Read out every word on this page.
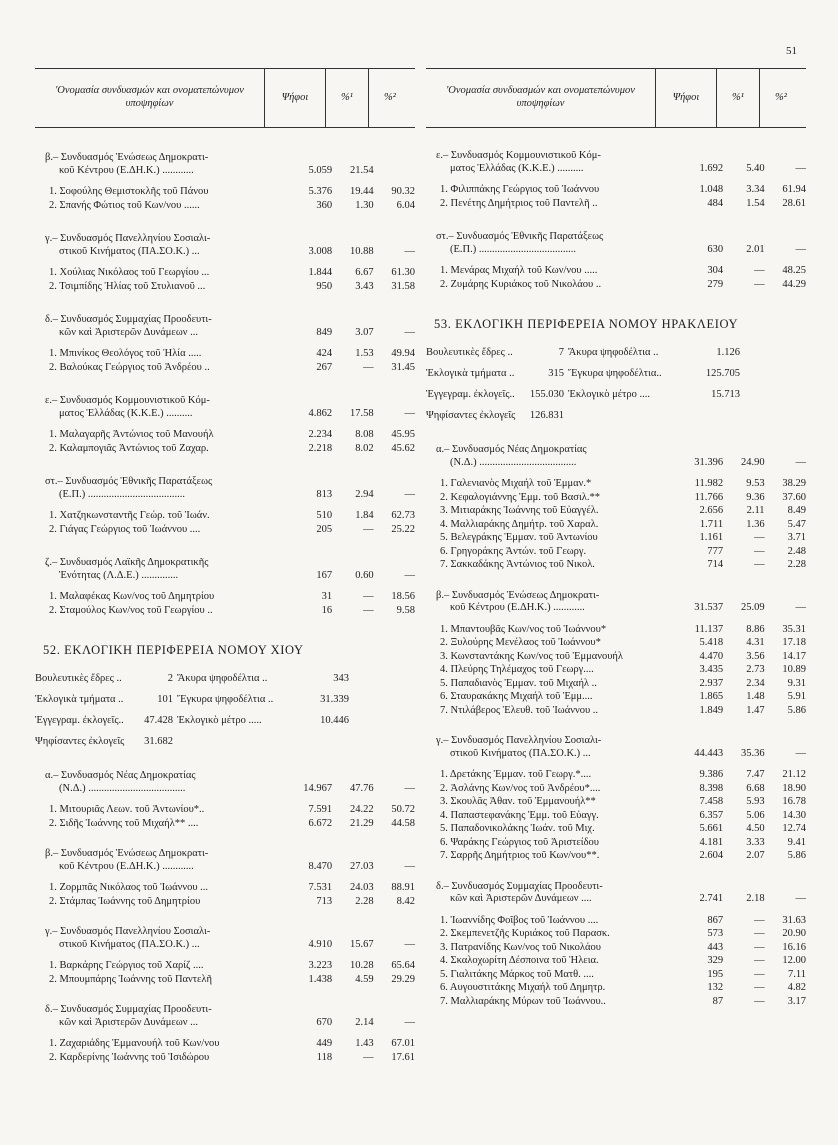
51
'Ονομασία συνδυασμών και ονοματεπώνυμον υποψηφίων
Ψήφοι	%¹	%²
β.– Συνδυασμός Ἑνώσεως Δημοκρατι-
κοῦ Κέντρου (Ε.ΔΗ.Κ.) ............	5.059	21.54
1. Σοφούλης Θεμιστοκλῆς τοῦ Πάνου	5.376	19.44	90.32
2. Σπανής Φώτιος τοῦ Κων/νου ......	360	1.30	6.04
γ.– Συνδυασμός Πανελληνίου Σοσιαλι-
στικοῦ Κινήματος (ΠΑ.ΣΟ.Κ.) ...	3.008	10.88	—
1. Χούλιας Νικόλαος τοῦ Γεωργίου ...	1.844	6.67	61.30
2. Τσιμπίδης Ἠλίας τοῦ Στυλιανοῦ ...	950	3.43	31.58
δ.– Συνδυασμός Συμμαχίας Προοδευτι-
κῶν καὶ Ἀριστερῶν Δυνάμεων ...	849	3.07	—
1. Μπινίκος Θεολόγος τοῦ Ἠλία .....	424	1.53	49.94
2. Βαλούκας Γεώργιος τοῦ Ἀνδρέου ..	267	—	31.45
ε.– Συνδυασμός Κομμουνιστικοῦ Κόμ-
ματος Ἑλλάδας (Κ.Κ.Ε.) ..........	4.862	17.58	—
1. Μαλαγαρῆς Ἀντώνιος τοῦ Μανουήλ	2.234	8.08	45.95
2. Καλαμπογιᾶς Ἀντώνιος τοῦ Ζαχαρ.	2.218	8.02	45.62
στ.– Συνδυασμός Ἐθνικῆς Παρατάξεως
(Ε.Π.) .....................................	813	2.94	—
1. Χατζηκωνσταντῆς Γεώρ. τοῦ Ἰωάν.	510	1.84	62.73
2. Γιάγας Γεώργιος τοῦ Ἰωάννου ....	205	—	25.22
ζ.– Συνδυασμός Λαϊκῆς Δημοκρατικῆς
Ἑνότητας (Λ.Δ.Ε.) ..............	167	0.60	—
1. Μαλαφέκας Κων/νος τοῦ Δημητρίου	31	—	18.56
2. Σταμούλος Κων/νος τοῦ Γεωργίου ..	16	—	9.58
52. ΕΚΛΟΓΙΚΗ ΠΕΡΙΦΕΡΕΙΑ ΝΟΜΟΥ ΧΙΟΥ
Βουλευτικὲς ἕδρες ..	2 Ἄκυρα ψηφοδέλτια ..	343
Ἐκλογικὰ τμήματα ..	101 Ἔγκυρα ψηφοδέλτια ..	31.339
Ἐγγεγραμ. ἐκλογεῖς..	47.428 Ἐκλογικὸ μέτρο .....	10.446
Ψηφίσαντες ἐκλογεῖς	31.682
α.– Συνδυασμός Νέας Δημοκρατίας
(Ν.Δ.) .....................................	14.967	47.76	—
1. Μιτουριᾶς Λεων. τοῦ Ἀντωνίου*..	7.591	24.22	50.72
2. Σιδῆς Ἰωάννης τοῦ Μιχαήλ** ....	6.672	21.29	44.58
β.– Συνδυασμός Ἑνώσεως Δημοκρατι-
κοῦ Κέντρου (Ε.ΔΗ.Κ.) ............	8.470	27.03	—
1. Ζορμπᾶς Νικόλαος τοῦ Ἰωάννου ...	7.531	24.03	88.91
2. Στάμπας Ἰωάννης τοῦ Δημητρίου	713	2.28	8.42
γ.– Συνδυασμός Πανελληνίου Σοσιαλι-
στικοῦ Κινήματος (ΠΑ.ΣΟ.Κ.) ...	4.910	15.67	—
1. Βαρκάρης Γεώργιος τοῦ Χαρίζ ....	3.223	10.28	65.64
2. Μπουμπάρης Ἰωάννης τοῦ Παντελῆ	1.438	4.59	29.29
δ.– Συνδυασμός Συμμαχίας Προοδευτι-
κῶν καὶ Ἀριστερῶν Δυνάμεων ...	670	2.14	—
1. Ζαχαριάδης Ἐμμανουήλ τοῦ Κων/νου	449	1.43	67.01
2. Καρδερίνης Ἰωάννης τοῦ Ἰσιδώρου	118	—	17.61
'Ονομασία συνδυασμών και ονοματεπώνυμον υποψηφίων
Ψήφοι	%¹	%²
ε.– Συνδυασμός Κομμουνιστικοῦ Κόμ-
ματος Ἑλλάδας (Κ.Κ.Ε.) ..........	1.692	5.40	—
1. Φιλιππάκης Γεώργιος τοῦ Ἰωάννου	1.048	3.34	61.94
2. Πενέτης Δημήτριος τοῦ Παντελῆ ..	484	1.54	28.61
στ.– Συνδυασμός Ἐθνικῆς Παρατάξεως
(Ε.Π.) .....................................	630	2.01	—
1. Μενάρας Μιχαήλ τοῦ Κων/νου .....	304	—	48.25
2. Ζυμάρης Κυριάκος τοῦ Νικολάου ..	279	—	44.29
53. ΕΚΛΟΓΙΚΗ ΠΕΡΙΦΕΡΕΙΑ ΝΟΜΟΥ ΗΡΑΚΛΕΙΟΥ
Βουλευτικὲς ἕδρες ..	7 Ἄκυρα ψηφοδέλτια ..	1.126
Ἐκλογικὰ τμήματα ..	315 Ἔγκυρα ψηφοδέλτια..	125.705
Ἐγγεγραμ. ἐκλογεῖς..	155.030 Ἐκλογικὸ μέτρο ....	15.713
Ψηφίσαντες ἐκλογεῖς	126.831
α.– Συνδυασμός Νέας Δημοκρατίας
(Ν.Δ.) .....................................	31.396	24.90	—
1. Γαλενιανὸς Μιχαήλ τοῦ Ἐμμαν.*	11.982	9.53	38.29
2. Κεφαλογιάννης Ἐμμ. τοῦ Βασιλ.**	11.766	9.36	37.60
3. Μιτιαράκης Ἰωάννης τοῦ Εὐαγγέλ.	2.656	2.11	8.49
4. Μαλλιαράκης Δημήτρ. τοῦ Χαραλ.	1.711	1.36	5.47
5. Βελεγράκης Ἐμμαν. τοῦ Ἀντωνίου	1.161	—	3.71
6. Γρηγοράκης Ἀντών. τοῦ Γεωργ.	777	—	2.48
7. Σακκαδάκης Ἀντώνιος τοῦ Νικολ.	714	—	2.28
β.– Συνδυασμός Ἑνώσεως Δημοκρατι-
κοῦ Κέντρου (Ε.ΔΗ.Κ.) ............	31.537	25.09	—
1. Μπαντουβᾶς Κων/νος τοῦ Ἰωάννου*	11.137	8.86	35.31
2. Ξυλούρης Μενέλαος τοῦ Ἰωάννου*	5.418	4.31	17.18
3. Κωνσταντάκης Κων/νος τοῦ Ἐμμανουήλ	4.470	3.56	14.17
4. Πλεύρης Τηλέμαχος τοῦ Γεωργ....	3.435	2.73	10.89
5. Παπαδιανὸς Ἐμμαν. τοῦ Μιχαήλ ..	2.937	2.34	9.31
6. Σταυρακάκης Μιχαήλ τοῦ Ἐμμ....	1.865	1.48	5.91
7. Ντιλάβερος Ἐλευθ. τοῦ Ἰωάννου ..	1.849	1.47	5.86
γ.– Συνδυασμός Πανελληνίου Σοσιαλι-
στικοῦ Κινήματος (ΠΑ.ΣΟ.Κ.) ...	44.443	35.36	—
1. Δρετάκης Ἐμμαν. τοῦ Γεωργ.*....	9.386	7.47	21.12
2. Ἀσλάνης Κων/νος τοῦ Ἀνδρέου*....	8.398	6.68	18.90
3. Σκουλᾶς Ἀθαν. τοῦ Ἐμμανουήλ**	7.458	5.93	16.78
4. Παπαστεφανάκης Ἐμμ. τοῦ Εὐαγγ.	6.357	5.06	14.30
5. Παπαδονικολάκης Ἰωάν. τοῦ Μιχ.	5.661	4.50	12.74
6. Ψαράκης Γεώργιος τοῦ Ἀριστείδου	4.181	3.33	9.41
7. Σαρρῆς Δημήτριος τοῦ Κων/νου**.	2.604	2.07	5.86
δ.– Συνδυασμός Συμμαχίας Προοδευτι-
κῶν καὶ Ἀριστερῶν Δυνάμεων ....	2.741	2.18	—
1. Ἰωαννίδης Φοῖβος τοῦ Ἰωάννου ....	867	—	31.63
2. Σκεμπενετζῆς Κυριάκος τοῦ Παρασκ.	573	—	20.90
3. Πατρανίδης Κων/νος τοῦ Νικολάου	443	—	16.16
4. Σκαλοχωρίτη Δέσποινα τοῦ Ἠλεια.	329	—	12.00
5. Γιαλιτάκης Μάρκος τοῦ Ματθ. ....	195	—	7.11
6. Αυγουστιτάκης Μιχαήλ τοῦ Δημητρ.	132	—	4.82
7. Μαλλιαράκης Μύρων τοῦ Ἰωάννου..	87	—	3.17
